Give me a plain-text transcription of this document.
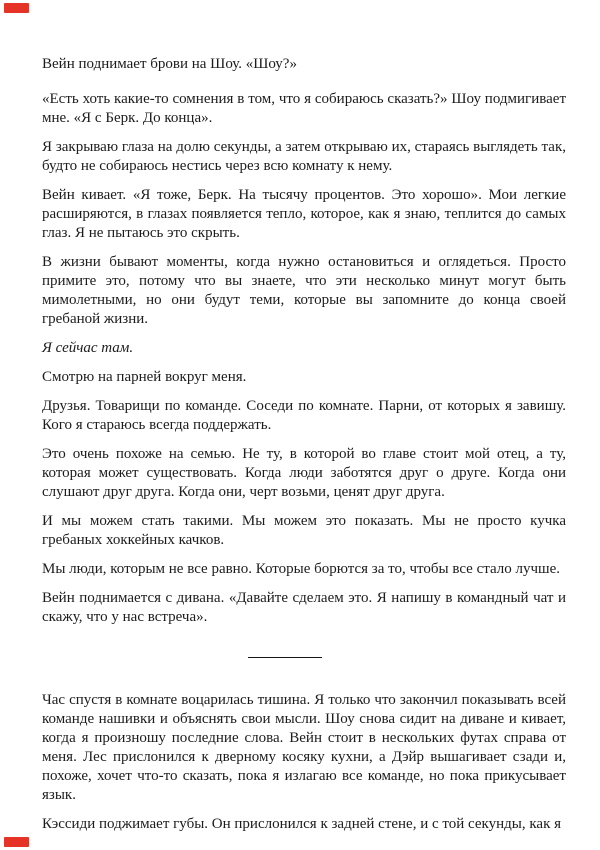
Вейн поднимает брови на Шоу. «Шоу?»

«Есть хоть какие-то сомнения в том, что я собираюсь сказать?» Шоу подмигивает мне. «Я с Берк. До конца».

Я закрываю глаза на долю секунды, а затем открываю их, стараясь выглядеть так, будто не собираюсь нестись через всю комнату к нему.

Вейн кивает. «Я тоже, Берк. На тысячу процентов. Это хорошо». Мои легкие расширяются, в глазах появляется тепло, которое, как я знаю, теплится до самых глаз. Я не пытаюсь это скрыть.

В жизни бывают моменты, когда нужно остановиться и оглядеться. Просто примите это, потому что вы знаете, что эти несколько минут могут быть мимолетными, но они будут теми, которые вы запомните до конца своей гребаной жизни.

Я сейчас там.

Смотрю на парней вокруг меня.

Друзья. Товарищи по команде. Соседи по комнате. Парни, от которых я завишу. Кого я стараюсь всегда поддержать.

Это очень похоже на семью. Не ту, в которой во главе стоит мой отец, а ту, которая может существовать. Когда люди заботятся друг о друге. Когда они слушают друг друга. Когда они, черт возьми, ценят друг друга.

И мы можем стать такими. Мы можем это показать. Мы не просто кучка гребаных хоккейных качков.

Мы люди, которым не все равно. Которые борются за то, чтобы все стало лучше.

Вейн поднимается с дивана. «Давайте сделаем это. Я напишу в командный чат и скажу, что у нас встреча».

Час спустя в комнате воцарилась тишина. Я только что закончил показывать всей команде нашивки и объяснять свои мысли. Шоу снова сидит на диване и кивает, когда я произношу последние слова. Вейн стоит в нескольких футах справа от меня. Лес прислонился к дверному косяку кухни, а Дэйр вышагивает сзади и, похоже, хочет что-то сказать, пока я излагаю все команде, но пока прикусывает язык.

Кэссиди поджимает губы. Он прислонился к задней стене, и с той секунды, как я
